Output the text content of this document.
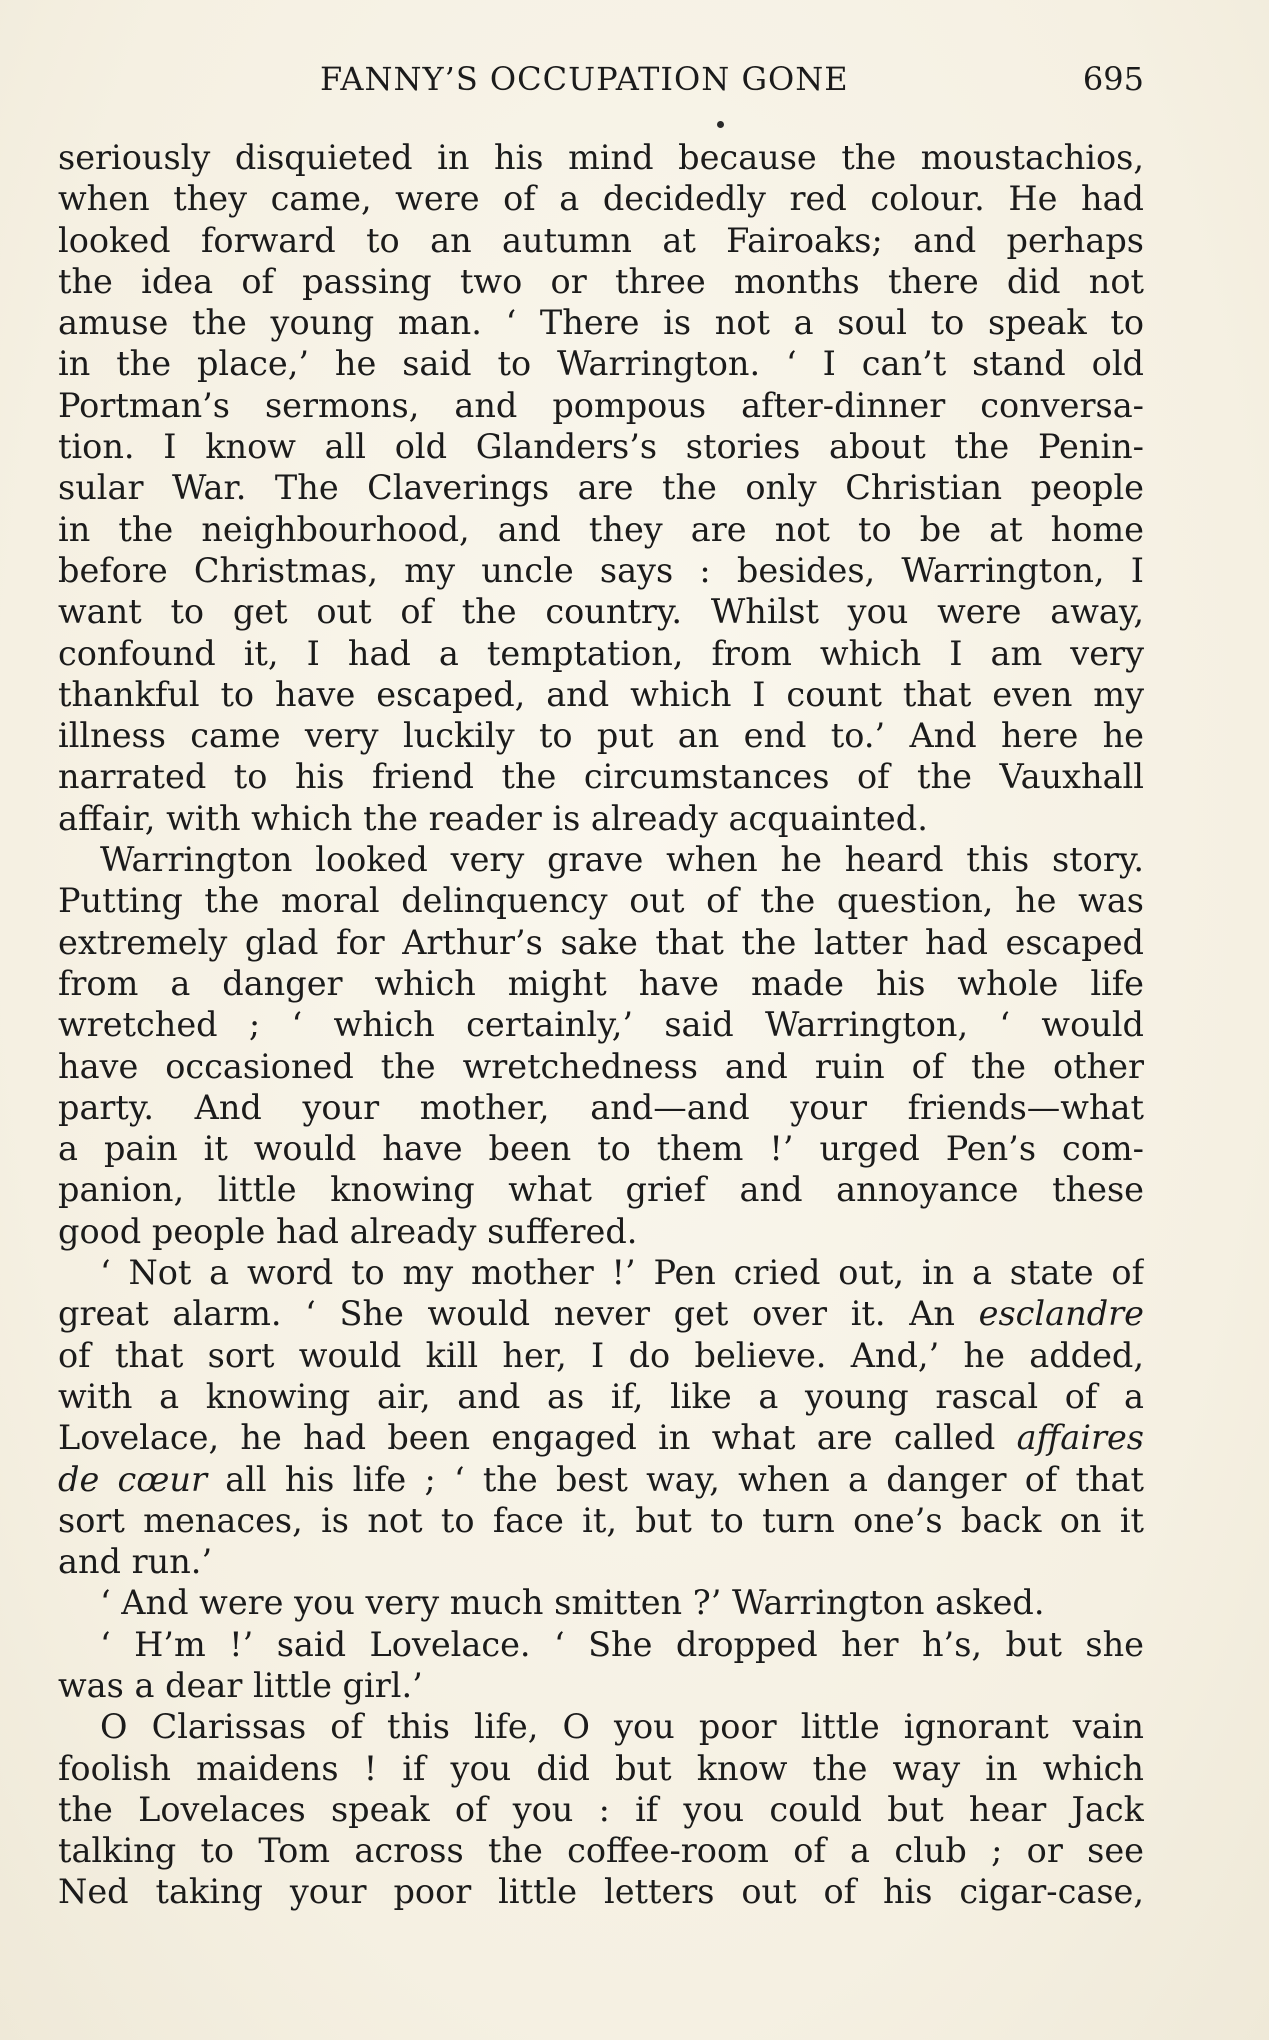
FANNY’S OCCUPATION GONE	695
seriously disquieted in his mind because the moustachios,
when they came, were of a decidedly red colour. He had
looked forward to an autumn at Fairoaks; and perhaps
the idea of passing two or three months there did not
amuse the young man. ‘ There is not a soul to speak to
in the place,’ he said to Warrington. ‘ I can’t stand old
Portman’s sermons, and pompous after-dinner conversa-
tion. I know all old Glanders’s stories about the Penin-
sular War. The Claverings are the only Christian people
in the neighbourhood, and they are not to be at home
before Christmas, my uncle says : besides, Warrington, I
want to get out of the country. Whilst you were away,
confound it, I had a temptation, from which I am very
thankful to have escaped, and which I count that even my
illness came very luckily to put an end to.’ And here he
narrated to his friend the circumstances of the Vauxhall
affair, with which the reader is already acquainted.
Warrington looked very grave when he heard this story.
Putting the moral delinquency out of the question, he was
extremely glad for Arthur’s sake that the latter had escaped
from a danger which might have made his whole life
wretched ; ‘ which certainly,’ said Warrington, ‘ would
have occasioned the wretchedness and ruin of the other
party. And your mother, and—and your friends—what
a pain it would have been to them !’ urged Pen’s com-
panion, little knowing what grief and annoyance these
good people had already suffered.
‘ Not a word to my mother !’ Pen cried out, in a state of
great alarm. ‘ She would never get over it. An esclandre
of that sort would kill her, I do believe. And,’ he added,
with a knowing air, and as if, like a young rascal of a
Lovelace, he had been engaged in what are called affaires
de cœur all his life ; ‘ the best way, when a danger of that
sort menaces, is not to face it, but to turn one’s back on it
and run.’
‘ And were you very much smitten ?’ Warrington asked.
‘ H’m !’ said Lovelace. ‘ She dropped her h’s, but she
was a dear little girl.’
O Clarissas of this life, O you poor little ignorant vain
foolish maidens ! if you did but know the way in which
the Lovelaces speak of you : if you could but hear Jack
talking to Tom across the coffee-room of a club ; or see
Ned taking your poor little letters out of his cigar-case,
